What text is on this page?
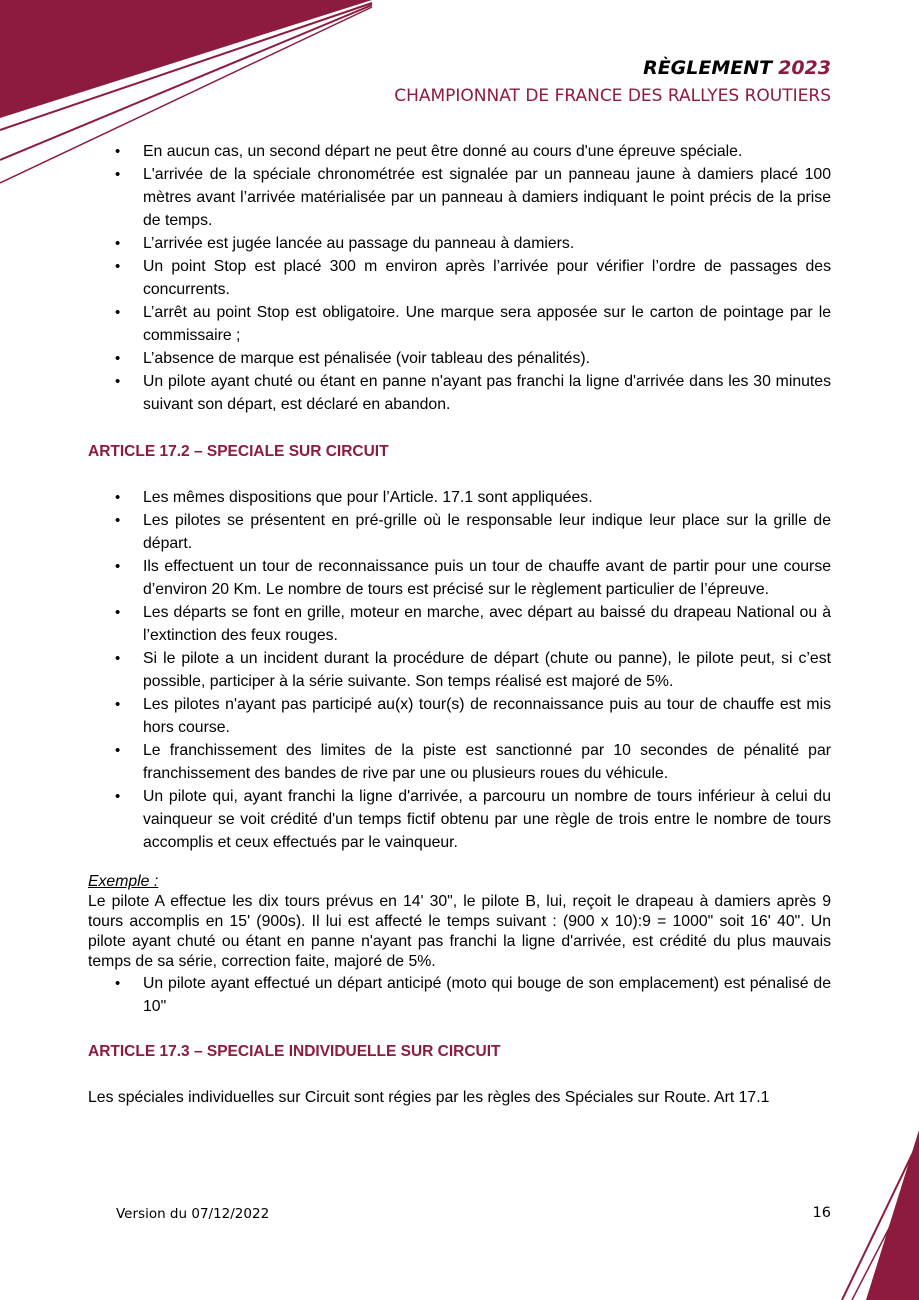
RÈGLEMENT 2023
CHAMPIONNAT DE FRANCE DES RALLYES ROUTIERS
• En aucun cas, un second départ ne peut être donné au cours d'une épreuve spéciale.
• L'arrivée de la spéciale chronométrée est signalée par un panneau jaune à damiers placé 100 mètres avant l’arrivée matérialisée par un panneau à damiers indiquant le point précis de la prise de temps.
• L’arrivée est jugée lancée au passage du panneau à damiers.
• Un point Stop est placé 300 m environ après l’arrivée pour vérifier l’ordre de passages des concurrents.
• L’arrêt au point Stop est obligatoire. Une marque sera apposée sur le carton de pointage par le commissaire ;
• L’absence de marque est pénalisée (voir tableau des pénalités).
• Un pilote ayant chuté ou étant en panne n'ayant pas franchi la ligne d'arrivée dans les 30 minutes suivant son départ, est déclaré en abandon.
ARTICLE 17.2 – SPECIALE SUR CIRCUIT
• Les mêmes dispositions que pour l’Article. 17.1 sont appliquées.
• Les pilotes se présentent en pré-grille où le responsable leur indique leur place sur la grille de départ.
• Ils effectuent un tour de reconnaissance puis un tour de chauffe avant de partir pour une course d’environ 20 Km. Le nombre de tours est précisé sur le règlement particulier de l’épreuve.
• Les départs se font en grille, moteur en marche, avec départ au baissé du drapeau National ou à l’extinction des feux rouges.
• Si le pilote a un incident durant la procédure de départ (chute ou panne), le pilote peut, si c’est possible, participer à la série suivante. Son temps réalisé est majoré de 5%.
• Les pilotes n'ayant pas participé au(x) tour(s) de reconnaissance puis au tour de chauffe est mis hors course.
• Le franchissement des limites de la piste est sanctionné par 10 secondes de pénalité par franchissement des bandes de rive par une ou plusieurs roues du véhicule.
• Un pilote qui, ayant franchi la ligne d'arrivée, a parcouru un nombre de tours inférieur à celui du vainqueur se voit crédité d'un temps fictif obtenu par une règle de trois entre le nombre de tours accomplis et ceux effectués par le vainqueur.

Exemple :

Le pilote A effectue les dix tours prévus en 14' 30", le pilote B, lui, reçoit le drapeau à damiers après 9 tours accomplis en 15' (900s). Il lui est affecté le temps suivant : (900 x 10):9 = 1000" soit 16' 40". Un pilote ayant chuté ou étant en panne n'ayant pas franchi la ligne d'arrivée, est crédité du plus mauvais temps de sa série, correction faite, majoré de 5%.

• Un pilote ayant effectué un départ anticipé (moto qui bouge de son emplacement) est pénalisé de 10"
ARTICLE 17.3 – SPECIALE INDIVIDUELLE SUR CIRCUIT

Les spéciales individuelles sur Circuit sont régies par les règles des Spéciales sur Route. Art 17.1

Version du 07/12/2022	16
